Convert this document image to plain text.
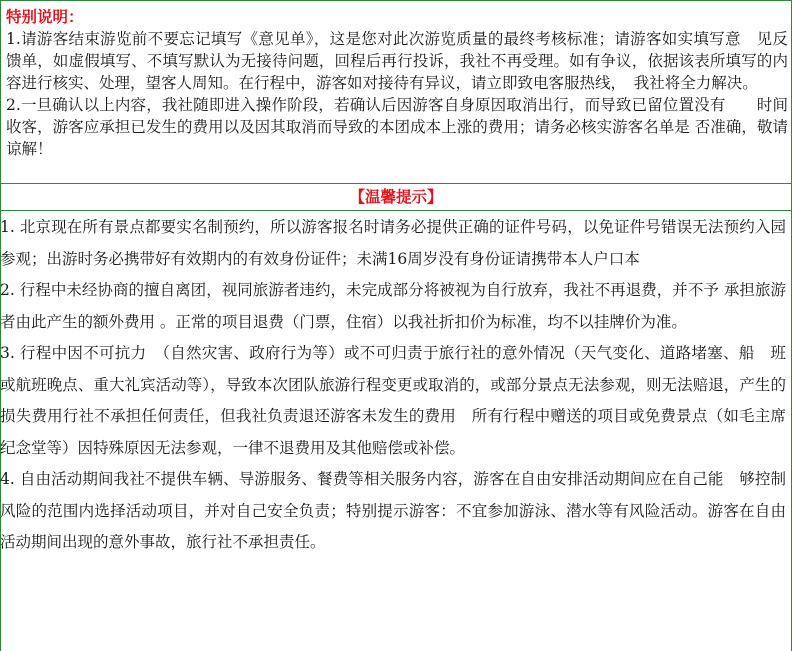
特别说明：

1.请游客结束游览前不要忘记填写《意见单》，这是您对此次游览质量的最终考核标准；请游客如实填写意　见反馈单，如虚假填写、不填写默认为无接待问题，回程后再行投诉，我社不再受理。如有争议，依据该表所填写的内容进行核实、处理，望客人周知。在行程中，游客如对接待有异议，请立即致电客服热线，　我社将全力解决。

2.一旦确认以上内容，我社随即进入操作阶段，若确认后因游客自身原因取消出行，而导致已留位置没有　　时间收客，游客应承担已发生的费用以及因其取消而导致的本团成本上涨的费用；请务必核实游客名单是 否准确，敬请谅解！

【温馨提示】

1. 北京现在所有景点都要实名制预约，所以游客报名时请务必提供正确的证件号码，以免证件号错误无法预约入园参观；出游时务必携带好有效期内的有效身份证件；未满16周岁没有身份证请携带本人户口本

2. 行程中未经协商的擅自离团，视同旅游者违约，未完成部分将被视为自行放弃，我社不再退费，并不予 承担旅游者由此产生的额外费用 。正常的项目退费（门票，住宿）以我社折扣价为标准，均不以挂牌价为准。

3. 行程中因不可抗力　（自然灾害、政府行为等）或不可归责于旅行社的意外情况（天气变化、道路堵塞、船　班或航班晚点、重大礼宾活动等），导致本次团队旅游行程变更或取消的，或部分景点无法参观，则无法赔退，产生的损失费用行社不承担任何责任，但我社负责退还游客未发生的费用　所有行程中赠送的项目或免费景点（如毛主席纪念堂等）因特殊原因无法参观，一律不退费用及其他赔偿或补偿。

4. 自由活动期间我社不提供车辆、导游服务、餐费等相关服务内容，游客在自由安排活动期间应在自己能　够控制风险的范围内选择活动项目，并对自己安全负责；特别提示游客：不宜参加游泳、潜水等有风险活动。游客在自由活动期间出现的意外事故，旅行社不承担责任。
